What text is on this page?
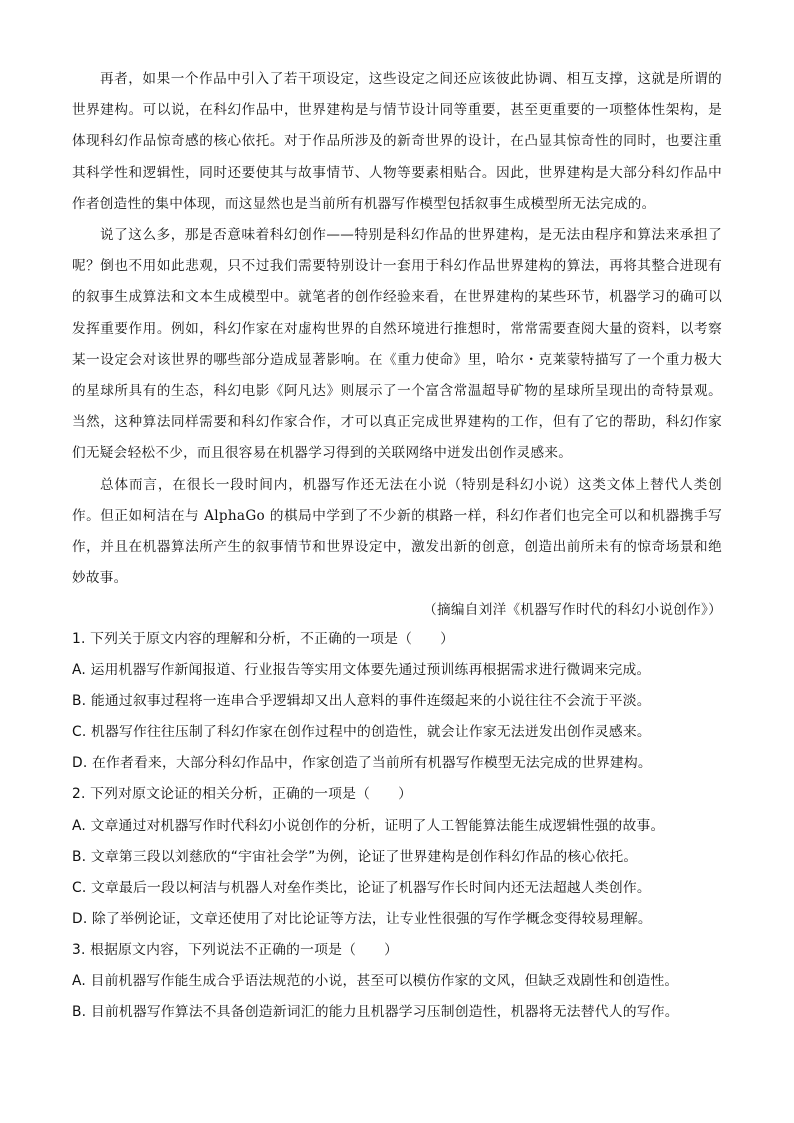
再者，如果一个作品中引入了若干项设定，这些设定之间还应该彼此协调、相互支撑，这就是所谓的世界建构。可以说，在科幻作品中，世界建构是与情节设计同等重要，甚至更重要的一项整体性架构，是体现科幻作品惊奇感的核心依托。对于作品所涉及的新奇世界的设计，在凸显其惊奇性的同时，也要注重其科学性和逻辑性，同时还要使其与故事情节、人物等要素相贴合。因此，世界建构是大部分科幻作品中作者创造性的集中体现，而这显然也是当前所有机器写作模型包括叙事生成模型所无法完成的。

说了这么多，那是否意味着科幻创作——特别是科幻作品的世界建构，是无法由程序和算法来承担了呢？倒也不用如此悲观，只不过我们需要特别设计一套用于科幻作品世界建构的算法，再将其整合进现有的叙事生成算法和文本生成模型中。就笔者的创作经验来看，在世界建构的某些环节，机器学习的确可以发挥重要作用。例如，科幻作家在对虚构世界的自然环境进行推想时，常常需要查阅大量的资料，以考察某一设定会对该世界的哪些部分造成显著影响。在《重力使命》里，哈尔・克莱蒙特描写了一个重力极大的星球所具有的生态，科幻电影《阿凡达》则展示了一个富含常温超导矿物的星球所呈现出的奇特景观。当然，这种算法同样需要和科幻作家合作，才可以真正完成世界建构的工作，但有了它的帮助，科幻作家们无疑会轻松不少，而且很容易在机器学习得到的关联网络中迸发出创作灵感来。

总体而言，在很长一段时间内，机器写作还无法在小说（特别是科幻小说）这类文体上替代人类创作。但正如柯洁在与 AlphaGo 的棋局中学到了不少新的棋路一样，科幻作者们也完全可以和机器携手写作，并且在机器算法所产生的叙事情节和世界设定中，激发出新的创意，创造出前所未有的惊奇场景和绝妙故事。

（摘编自刘洋《机器写作时代的科幻小说创作》）

1. 下列关于原文内容的理解和分析，不正确的一项是（　　）

A. 运用机器写作新闻报道、行业报告等实用文体要先通过预训练再根据需求进行微调来完成。

B. 能通过叙事过程将一连串合乎逻辑却又出人意料的事件连缀起来的小说往往不会流于平淡。

C. 机器写作往往压制了科幻作家在创作过程中的创造性，就会让作家无法迸发出创作灵感来。

D. 在作者看来，大部分科幻作品中，作家创造了当前所有机器写作模型无法完成的世界建构。

2. 下列对原文论证的相关分析，正确的一项是（　　）

A. 文章通过对机器写作时代科幻小说创作的分析，证明了人工智能算法能生成逻辑性强的故事。

B. 文章第三段以刘慈欣的“宇宙社会学”为例，论证了世界建构是创作科幻作品的核心依托。

C. 文章最后一段以柯洁与机器人对垒作类比，论证了机器写作长时间内还无法超越人类创作。

D. 除了举例论证，文章还使用了对比论证等方法，让专业性很强的写作学概念变得较易理解。

3. 根据原文内容，下列说法不正确的一项是（　　）

A. 目前机器写作能生成合乎语法规范的小说，甚至可以模仿作家的文风，但缺乏戏剧性和创造性。

B. 目前机器写作算法不具备创造新词汇的能力且机器学习压制创造性，机器将无法替代人的写作。
